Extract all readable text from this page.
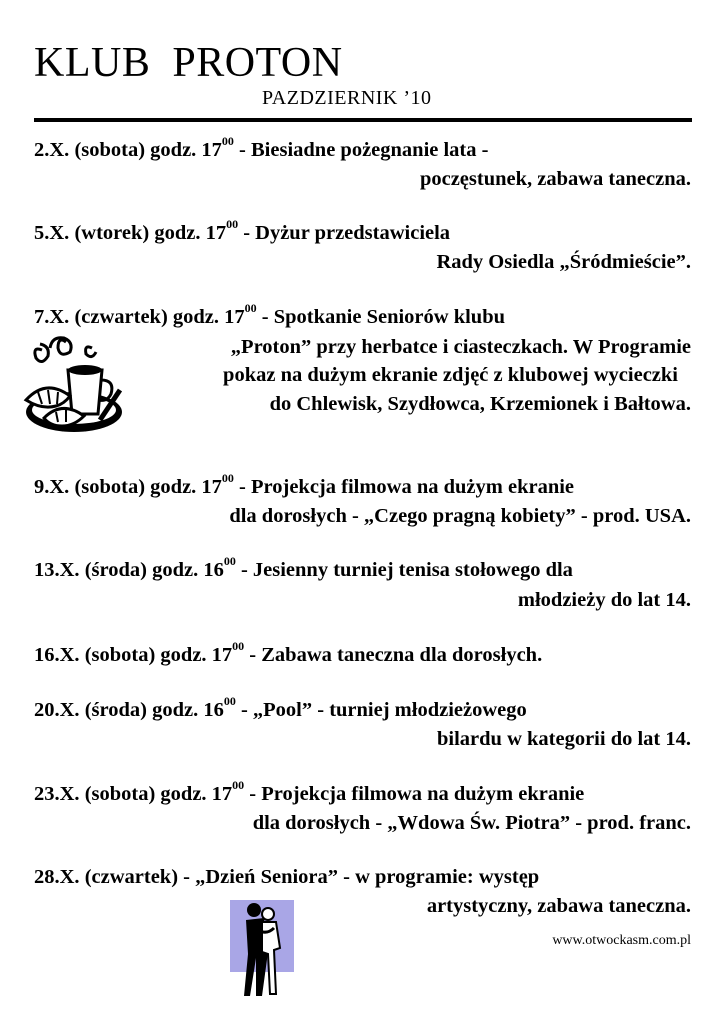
KLUB  PROTON
PAZDZIERNIK ’10
2.X. (sobota) godz. $17^{00}$ - Biesiadne pożegnanie lata -
poczęstunek, zabawa taneczna.
5.X. (wtorek) godz. $17^{00}$ - Dyżur przedstawiciela
Rady Osiedla „Śródmieście”.
7.X. (czwartek) godz. $17^{00}$ - Spotkanie Seniorów klubu
„Proton” przy herbatce i ciasteczkach. W Programie
pokaz na dużym ekranie zdjęć z klubowej wycieczki
do Chlewisk, Szydłowca, Krzemionek i Bałtowa.
9.X. (sobota) godz. $17^{00}$ - Projekcja filmowa na dużym ekranie
dla dorosłych - „Czego pragną kobiety” - prod. USA.
13.X. (środa) godz. $16^{00}$ - Jesienny turniej tenisa stołowego dla
młodzieży do lat 14.
16.X. (sobota) godz. $17^{00}$ - Zabawa taneczna dla dorosłych.
20.X. (środa) godz. $16^{00}$ - „Pool” - turniej młodzieżowego
bilardu w kategorii do lat 14.
23.X. (sobota) godz. $17^{00}$ - Projekcja filmowa na dużym ekranie
dla dorosłych - „Wdowa Św. Piotra” - prod. franc.
28.X. (czwartek) - „Dzień Seniora” - w programie: występ
artystyczny, zabawa taneczna.
www.otwockasm.com.pl
